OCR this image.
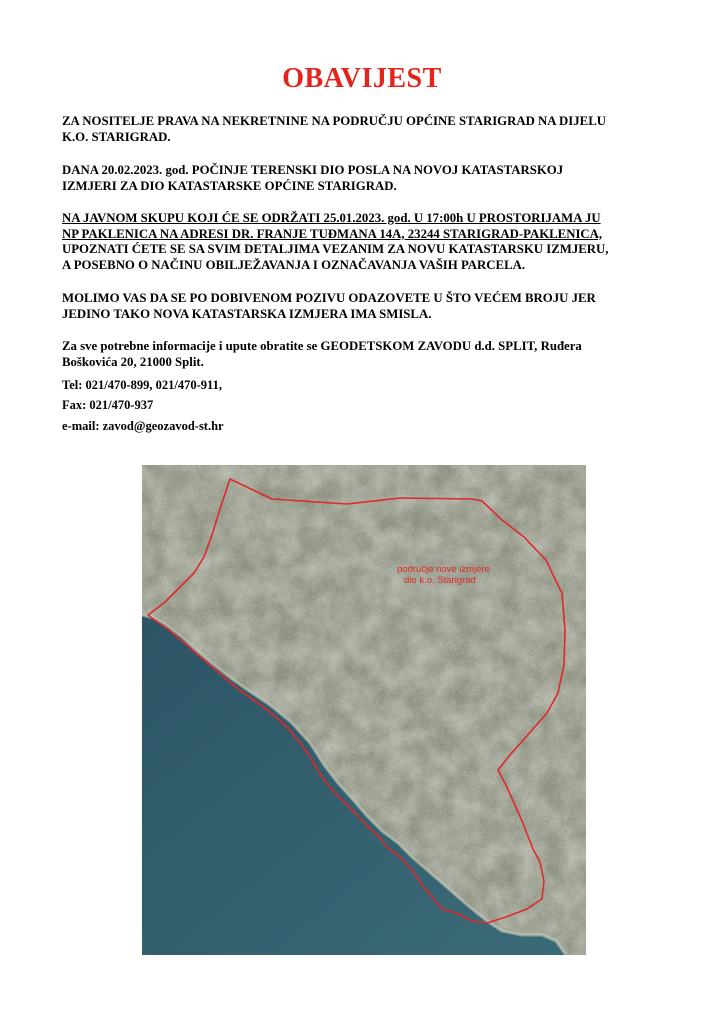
OBAVIJEST
ZA NOSITELJE PRAVA NA NEKRETNINE NA PODRUČJU OPĆINE STARIGRAD NA DIJELU
K.O. STARIGRAD.
DANA 20.02.2023. god. POČINJE TERENSKI DIO POSLA NA NOVOJ KATASTARSKOJ
IZMJERI ZA DIO KATASTARSKE OPĆINE STARIGRAD.
NA JAVNOM SKUPU KOJI ĆE SE ODRŽATI 25.01.2023. god. U 17:00h U PROSTORIJAMA JU
NP PAKLENICA NA ADRESI DR. FRANJE TUĐMANA 14A, 23244 STARIGRAD-PAKLENICA,
UPOZNATI ĆETE SE SA SVIM DETALJIMA VEZANIM ZA NOVU KATASTARSKU IZMJERU,
A POSEBNO O NAČINU OBILJEŽAVANJA I OZNAČAVANJA VAŠIH PARCELA.
MOLIMO VAS DA SE PO DOBIVENOM POZIVU ODAZOVETE U ŠTO VEĆEM BROJU JER
JEDINO TAKO NOVA KATASTARSKA IZMJERA IMA SMISLA.
Za sve potrebne informacije i upute obratite se GEODETSKOM ZAVODU d.d. SPLIT, Ruđera
Boškovića 20, 21000 Split.
Tel: 021/470-899, 021/470-911,
Fax: 021/470-937
e-mail: zavod@geozavod-st.hr
područje nove izmjere
dio k.o. Starigrad
